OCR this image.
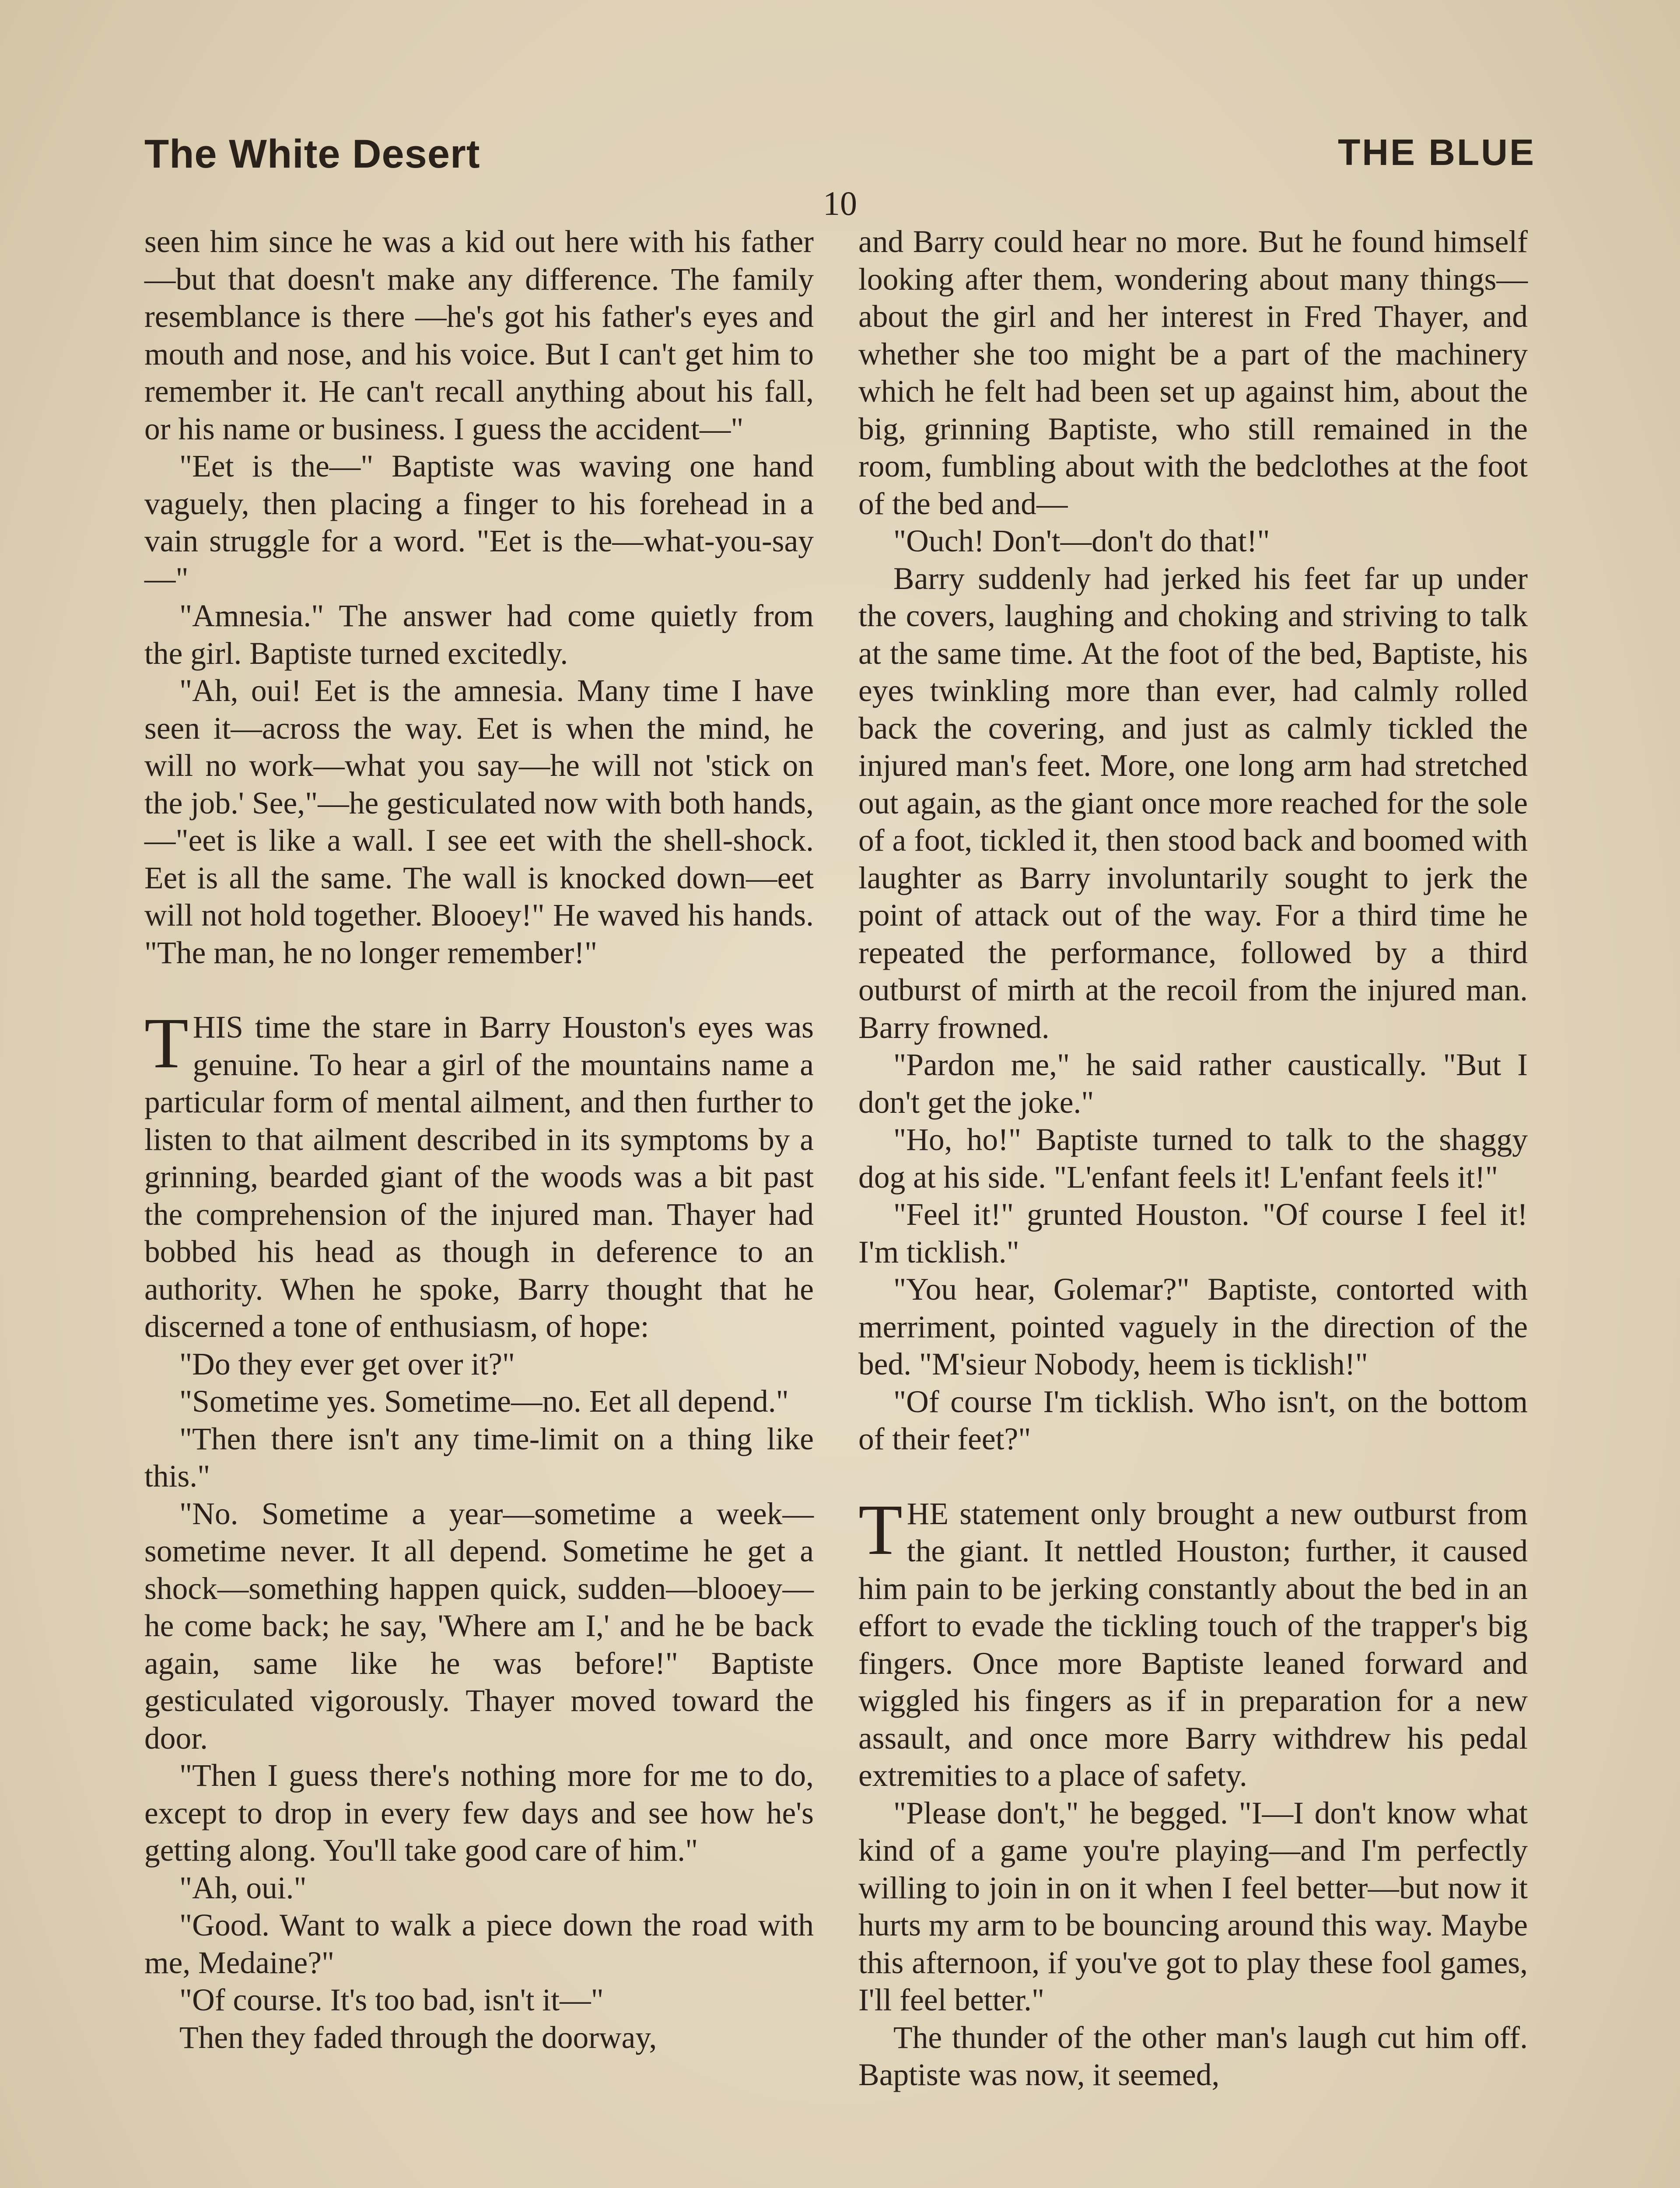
The White Desert	THE BLUE
10

seen him since he was a kid out here with his father—but that doesn't make any difference. The family resemblance is there —he's got his father's eyes and mouth and nose, and his voice. But I can't get him to remember it. He can't recall anything about his fall, or his name or business. I guess the accident—"

"Eet is the—" Baptiste was waving one hand vaguely, then placing a finger to his forehead in a vain struggle for a word. "Eet is the—what-you-say—"

"Amnesia." The answer had come quietly from the girl. Baptiste turned excitedly.

"Ah, oui! Eet is the amnesia. Many time I have seen it—across the way. Eet is when the mind, he will no work—what you say—he will not 'stick on the job.' See,"—he gesticulated now with both hands,—"eet is like a wall. I see eet with the shell-shock. Eet is all the same. The wall is knocked down—eet will not hold together. Blooey!" He waved his hands. "The man, he no longer remember!"

THIS time the stare in Barry Houston's eyes was genuine. To hear a girl of the mountains name a particular form of mental ailment, and then further to listen to that ailment described in its symptoms by a grinning, bearded giant of the woods was a bit past the comprehension of the injured man. Thayer had bobbed his head as though in deference to an authority. When he spoke, Barry thought that he discerned a tone of enthusiasm, of hope:

"Do they ever get over it?"

"Sometime yes. Sometime—no. Eet all depend."

"Then there isn't any time-limit on a thing like this."

"No. Sometime a year—sometime a week—sometime never. It all depend. Sometime he get a shock—something happen quick, sudden—blooey—he come back; he say, 'Where am I,' and he be back again, same like he was before!" Baptiste gesticulated vigorously. Thayer moved toward the door.

"Then I guess there's nothing more for me to do, except to drop in every few days and see how he's getting along. You'll take good care of him."

"Ah, oui."

"Good. Want to walk a piece down the road with me, Medaine?"

"Of course. It's too bad, isn't it—"

Then they faded through the doorway,

and Barry could hear no more. But he found himself looking after them, wondering about many things—about the girl and her interest in Fred Thayer, and whether she too might be a part of the machinery which he felt had been set up against him, about the big, grinning Baptiste, who still remained in the room, fumbling about with the bedclothes at the foot of the bed and—

"Ouch! Don't—don't do that!"

Barry suddenly had jerked his feet far up under the covers, laughing and choking and striving to talk at the same time. At the foot of the bed, Baptiste, his eyes twinkling more than ever, had calmly rolled back the covering, and just as calmly tickled the injured man's feet. More, one long arm had stretched out again, as the giant once more reached for the sole of a foot, tickled it, then stood back and boomed with laughter as Barry involuntarily sought to jerk the point of attack out of the way. For a third time he repeated the performance, followed by a third outburst of mirth at the recoil from the injured man. Barry frowned.

"Pardon me," he said rather caustically. "But I don't get the joke."

"Ho, ho!" Baptiste turned to talk to the shaggy dog at his side. "L'enfant feels it! L'enfant feels it!"

"Feel it!" grunted Houston. "Of course I feel it! I'm ticklish."

"You hear, Golemar?" Baptiste, contorted with merriment, pointed vaguely in the direction of the bed. "M'sieur Nobody, heem is ticklish!"

"Of course I'm ticklish. Who isn't, on the bottom of their feet?"

THE statement only brought a new outburst from the giant. It nettled Houston; further, it caused him pain to be jerking constantly about the bed in an effort to evade the tickling touch of the trapper's big fingers. Once more Baptiste leaned forward and wiggled his fingers as if in preparation for a new assault, and once more Barry withdrew his pedal extremities to a place of safety.

"Please don't," he begged. "I—I don't know what kind of a game you're playing—and I'm perfectly willing to join in on it when I feel better—but now it hurts my arm to be bouncing around this way. Maybe this afternoon, if you've got to play these fool games, I'll feel better."

The thunder of the other man's laugh cut him off. Baptiste was now, it seemed,
